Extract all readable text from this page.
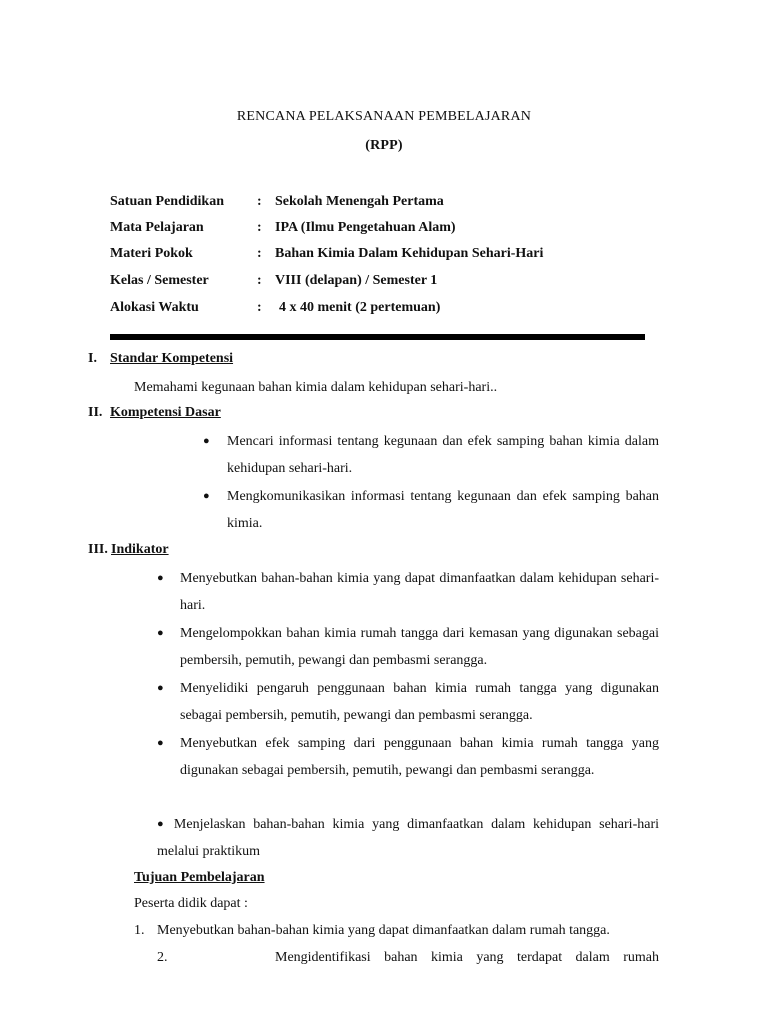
RENCANA PELAKSANAAN PEMBELAJARAN
(RPP)
Satuan Pendidikan : Sekolah Menengah Pertama
Mata Pelajaran	: IPA (Ilmu Pengetahuan Alam)
Materi Pokok	: Bahan Kimia Dalam Kehidupan Sehari-Hari
Kelas / Semester	: VIII (delapan) / Semester 1
Alokasi Waktu	: 4 x 40 menit (2 pertemuan)
I. Standar Kompetensi
Memahami kegunaan bahan kimia dalam kehidupan sehari-hari..
II. Kompetensi Dasar
● Mencari informasi tentang kegunaan dan efek samping bahan kimia dalam kehidupan sehari-hari.
● Mengkomunikasikan informasi tentang kegunaan dan efek samping bahan kimia.
III. Indikator
● Menyebutkan bahan-bahan kimia yang dapat dimanfaatkan dalam kehidupan sehari-hari.
● Mengelompokkan bahan kimia rumah tangga dari kemasan yang digunakan sebagai pembersih, pemutih, pewangi dan pembasmi serangga.
● Menyelidiki pengaruh penggunaan bahan kimia rumah tangga yang digunakan sebagai pembersih, pemutih, pewangi dan pembasmi serangga.
● Menyebutkan efek samping dari penggunaan bahan kimia rumah tangga yang digunakan sebagai pembersih, pemutih, pewangi dan pembasmi serangga.
● Menjelaskan bahan-bahan kimia yang dimanfaatkan dalam kehidupan sehari-hari melalui praktikum
Tujuan Pembelajaran
Peserta didik dapat :
1. Menyebutkan bahan-bahan kimia yang dapat dimanfaatkan dalam rumah tangga.
2.	Mengidentifikasi bahan kimia yang terdapat dalam rumah
